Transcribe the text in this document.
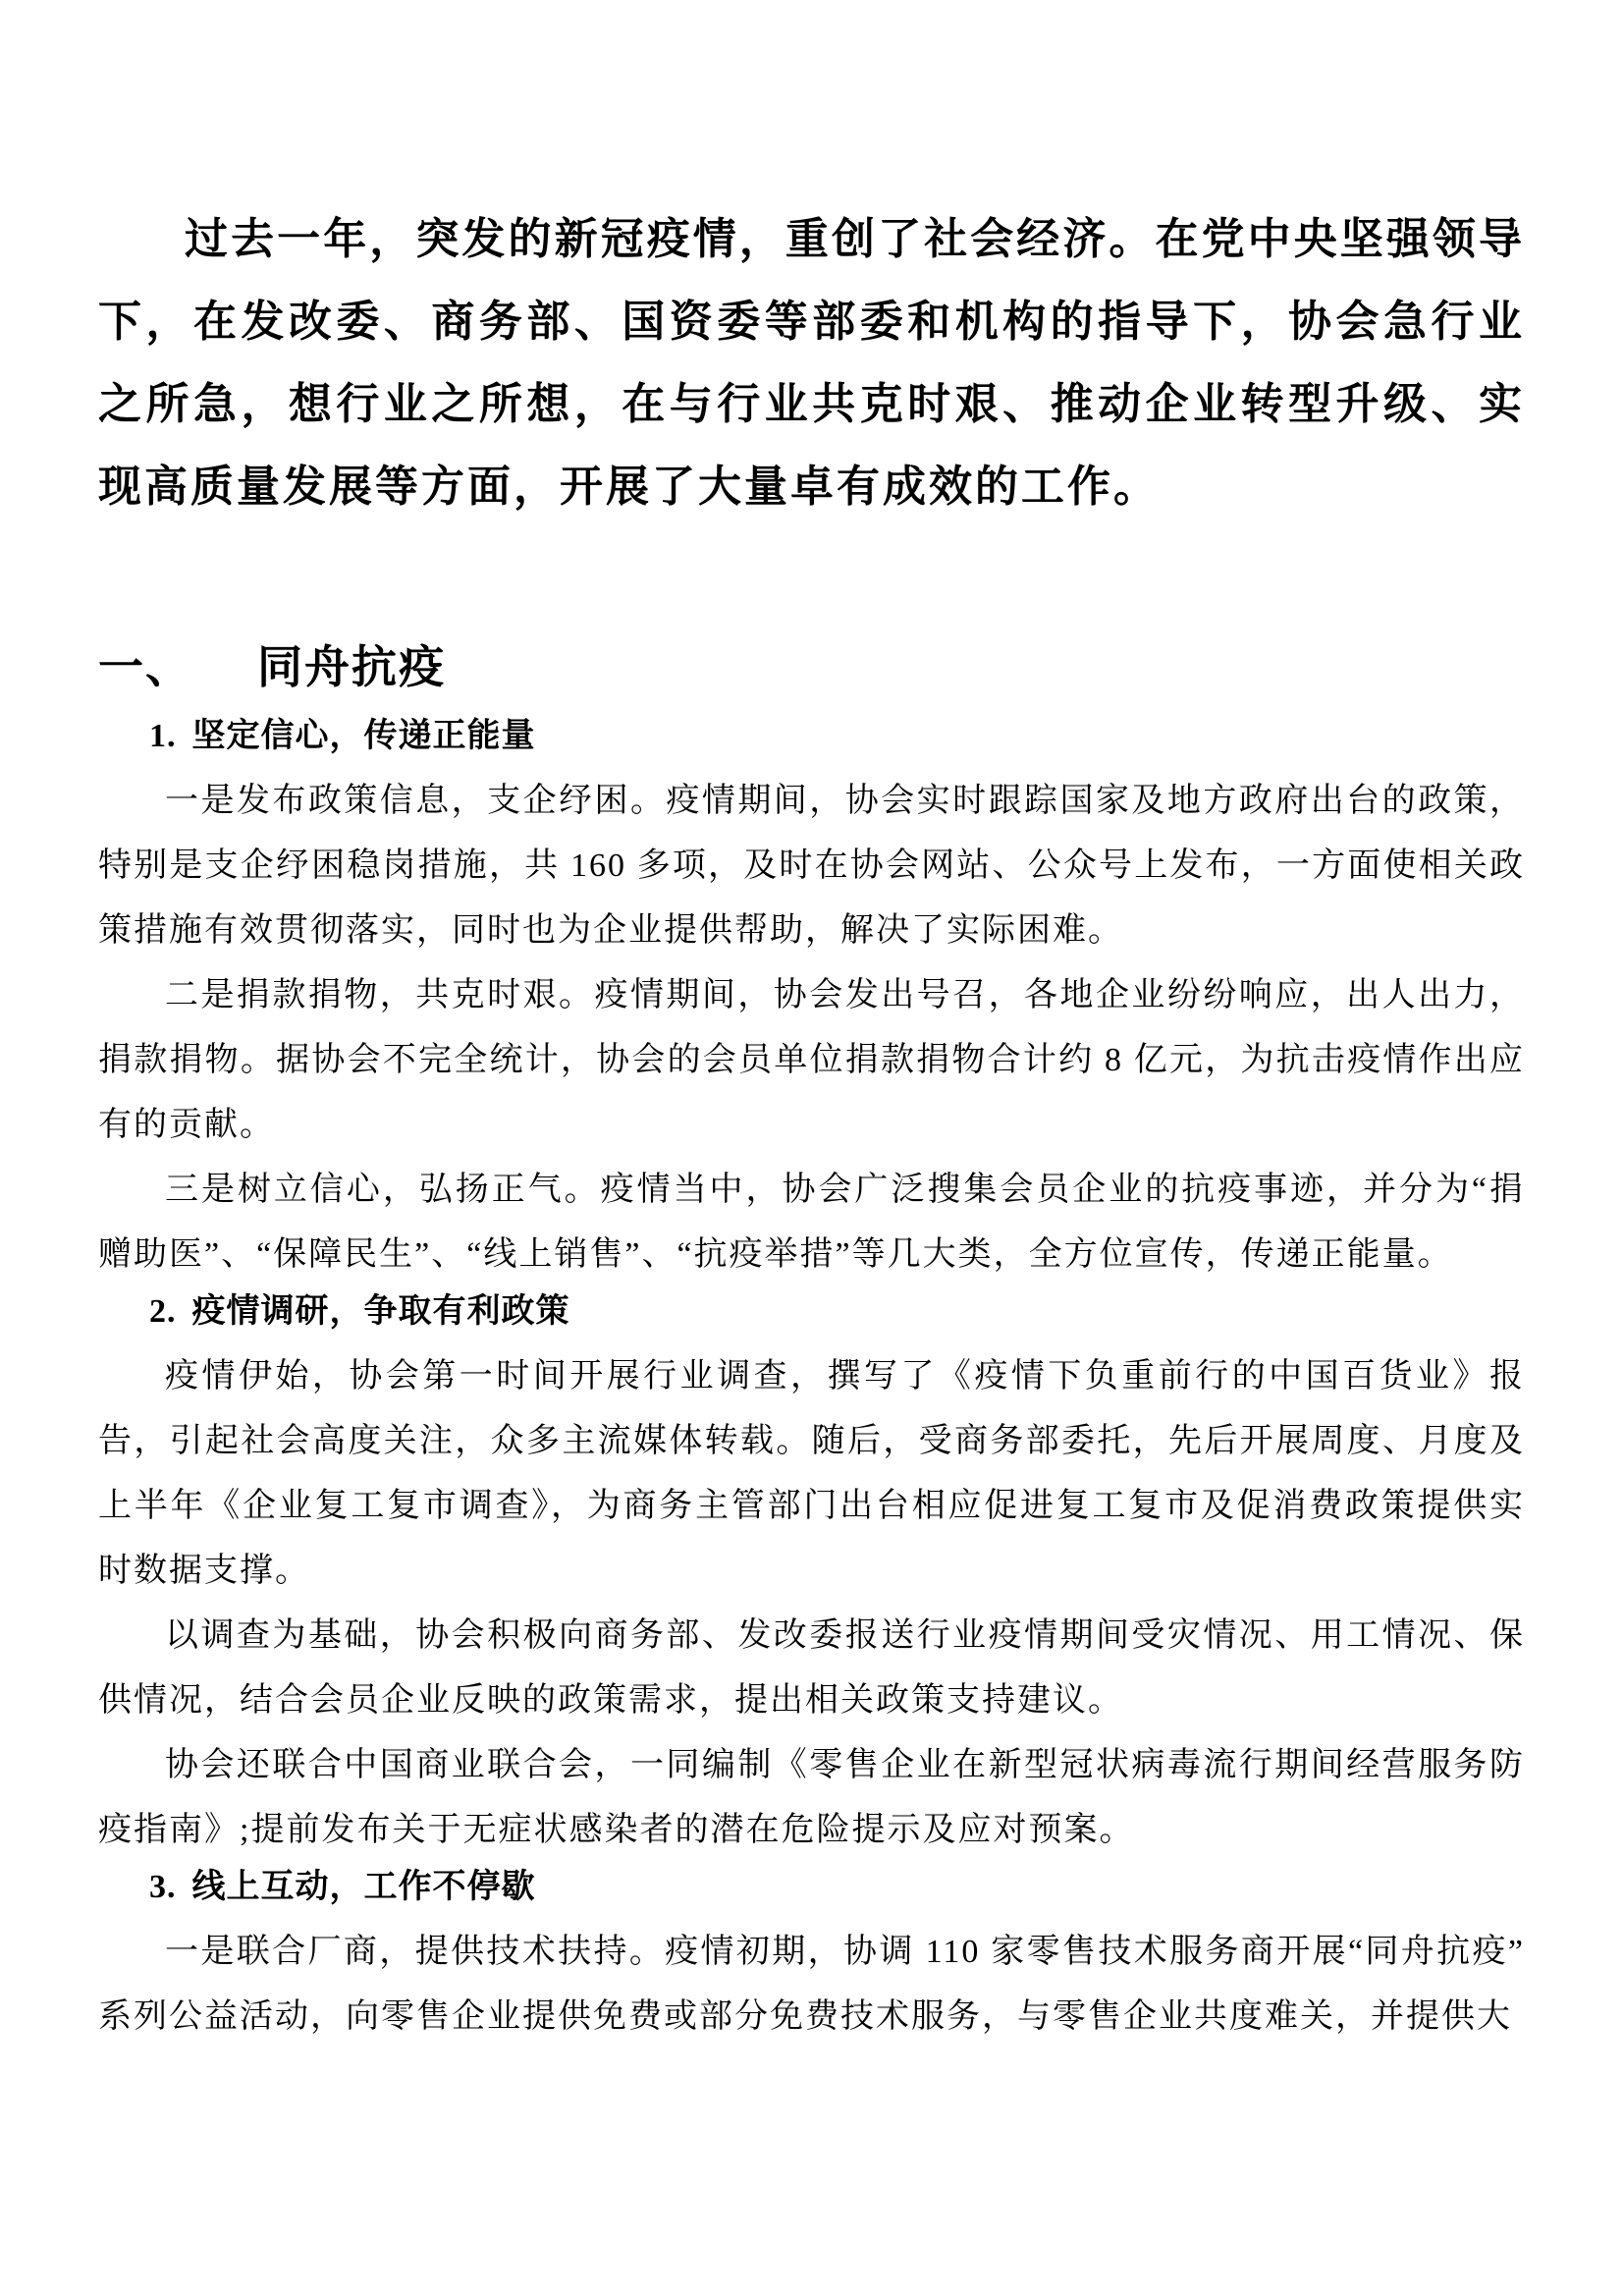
过去一年，突发的新冠疫情，重创了社会经济。在党中央坚强领导下，在发改委、商务部、国资委等部委和机构的指导下，协会急行业之所急，想行业之所想，在与行业共克时艰、推动企业转型升级、实现高质量发展等方面，开展了大量卓有成效的工作。

一、 同舟抗疫
1. 坚定信心，传递正能量

一是发布政策信息，支企纾困。疫情期间，协会实时跟踪国家及地方政府出台的政策，特别是支企纾困稳岗措施，共 160 多项，及时在协会网站、公众号上发布，一方面使相关政策措施有效贯彻落实，同时也为企业提供帮助，解决了实际困难。

二是捐款捐物，共克时艰。疫情期间，协会发出号召，各地企业纷纷响应，出人出力，捐款捐物。据协会不完全统计，协会的会员单位捐款捐物合计约 8 亿元，为抗击疫情作出应有的贡献。

三是树立信心，弘扬正气。疫情当中，协会广泛搜集会员企业的抗疫事迹，并分为“捐赠助医”、“保障民生”、“线上销售”、“抗疫举措”等几大类，全方位宣传，传递正能量。

2. 疫情调研，争取有利政策

疫情伊始，协会第一时间开展行业调查，撰写了《疫情下负重前行的中国百货业》报告，引起社会高度关注，众多主流媒体转载。随后，受商务部委托，先后开展周度、月度及上半年《企业复工复市调查》，为商务主管部门出台相应促进复工复市及促消费政策提供实时数据支撑。

以调查为基础，协会积极向商务部、发改委报送行业疫情期间受灾情况、用工情况、保供情况，结合会员企业反映的政策需求，提出相关政策支持建议。

协会还联合中国商业联合会，一同编制《零售企业在新型冠状病毒流行期间经营服务防疫指南》;提前发布关于无症状感染者的潜在危险提示及应对预案。

3. 线上互动，工作不停歇

一是联合厂商，提供技术扶持。疫情初期，协调 110 家零售技术服务商开展“同舟抗疫”系列公益活动，向零售企业提供免费或部分免费技术服务，与零售企业共度难关，并提供大
